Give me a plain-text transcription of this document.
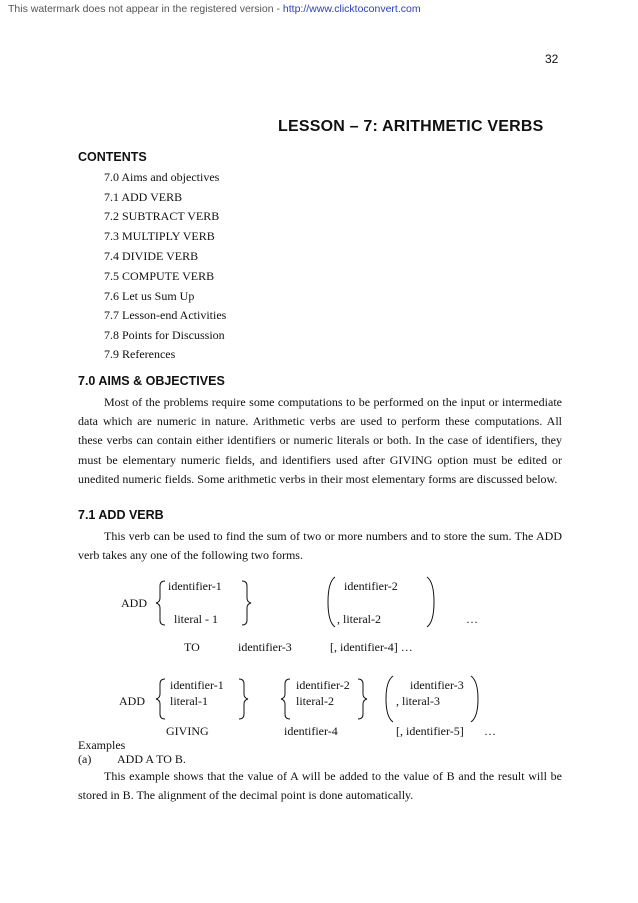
This watermark does not appear in the registered version - http://www.clicktoconvert.com
32
LESSON – 7: ARITHMETIC VERBS
CONTENTS
7.0 Aims and objectives
7.1 ADD VERB
7.2 SUBTRACT VERB
7.3 MULTIPLY VERB
7.4 DIVIDE VERB
7.5 COMPUTE VERB
7.6 Let us Sum Up
7.7 Lesson-end Activities
7.8 Points for Discussion
7.9 References
7.0 AIMS & OBJECTIVES
Most of the problems require some computations to be performed on the input or intermediate data which are numeric in nature. Arithmetic verbs are used to perform these computations. All these verbs can contain either identifiers or numeric literals or both. In the case of identifiers, they must be elementary numeric fields, and identifiers used after GIVING option must be edited or unedited numeric fields. Some arithmetic verbs in their most elementary forms are discussed below.
7.1 ADD VERB
This verb can be used to find the sum of two or more numbers and to store the sum. The ADD verb takes any one of the following two forms.
ADD
identifier-1
literal - 1
identifier-2
, literal-2	…
TO	identifier-3	[, identifier-4] …
ADD
identifier-1
literal-1
identifier-2
literal-2
identifier-3
, literal-3
GIVING	identifier-4	[, identifier-5] …
Examples
(a) ADD A TO B.
This example shows that the value of A will be added to the value of B and the result will be stored in B. The alignment of the decimal point is done automatically.
